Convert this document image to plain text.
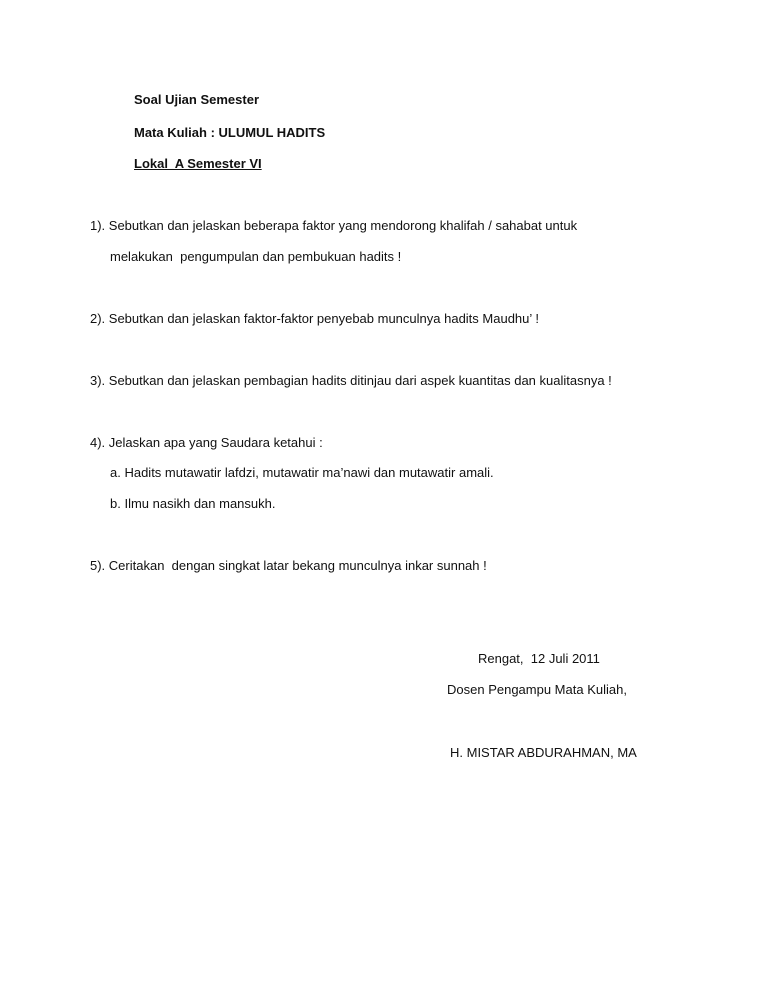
Soal Ujian Semester
Mata Kuliah : ULUMUL HADITS
Lokal  A Semester VI
1). Sebutkan dan jelaskan beberapa faktor yang mendorong khalifah / sahabat untuk
melakukan  pengumpulan dan pembukuan hadits !
2). Sebutkan dan jelaskan faktor-faktor penyebab munculnya hadits Maudhu’ !
3). Sebutkan dan jelaskan pembagian hadits ditinjau dari aspek kuantitas dan kualitasnya !
4). Jelaskan apa yang Saudara ketahui :
a. Hadits mutawatir lafdzi, mutawatir ma’nawi dan mutawatir amali.
b. Ilmu nasikh dan mansukh.
5). Ceritakan  dengan singkat latar bekang munculnya inkar sunnah !
Rengat,  12 Juli 2011
Dosen Pengampu Mata Kuliah,
H. MISTAR ABDURAHMAN, MA
